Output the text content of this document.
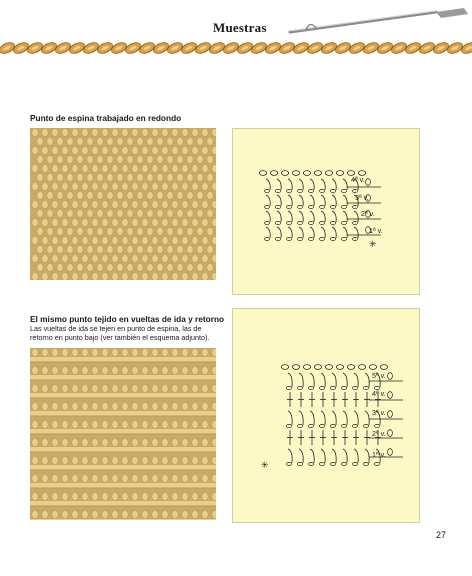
Muestras
Punto de espina trabajado en redondo
4ª v.
3ª v.
2ª v.
1ª v.
✳
El mismo punto tejido en vueltas de ida y retorno
Las vueltas de ida se tejen en punto de espina, las de
retorno en punto bajo (ver también el esquema adjunto).
5ª v.
4ª v.
3ª v.
2ª v.
1ª v.
✳
27
